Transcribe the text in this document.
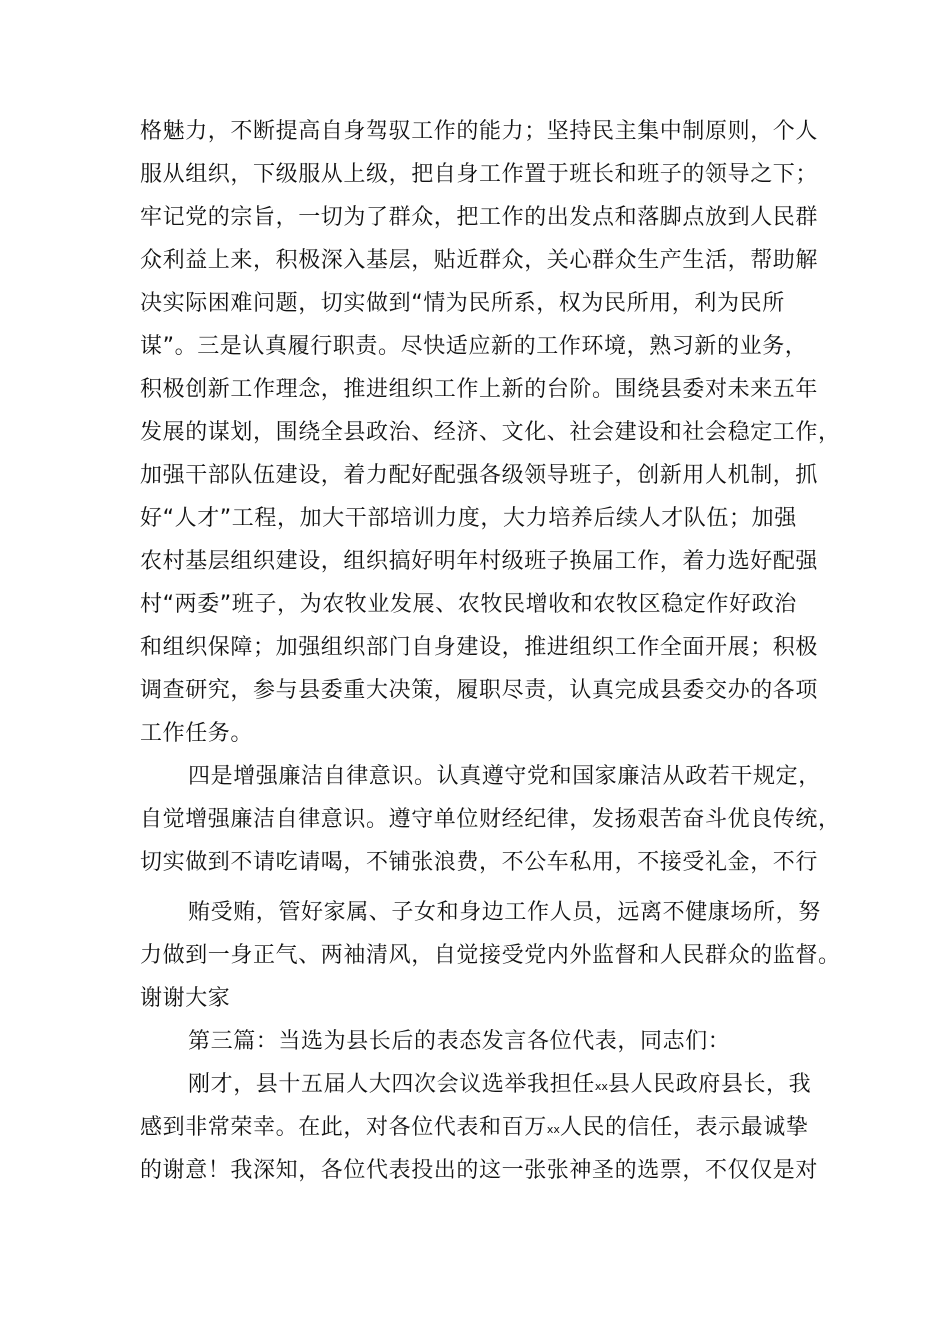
格魅力，不断提高自身驾驭工作的能力；坚持民主集中制原则，个人
服从组织，下级服从上级，把自身工作置于班长和班子的领导之下；
牢记党的宗旨，一切为了群众，把工作的出发点和落脚点放到人民群
众利益上来，积极深入基层，贴近群众，关心群众生产生活，帮助解
决实际困难问题，切实做到“情为民所系，权为民所用，利为民所
谋”。三是认真履行职责。尽快适应新的工作环境，熟习新的业务，
积极创新工作理念，推进组织工作上新的台阶。围绕县委对未来五年
发展的谋划，围绕全县政治、经济、文化、社会建设和社会稳定工作，
加强干部队伍建设，着力配好配强各级领导班子，创新用人机制，抓
好“人才”工程，加大干部培训力度，大力培养后续人才队伍；加强
农村基层组织建设，组织搞好明年村级班子换届工作，着力选好配强
村“两委”班子，为农牧业发展、农牧民增收和农牧区稳定作好政治
和组织保障；加强组织部门自身建设，推进组织工作全面开展；积极
调查研究，参与县委重大决策，履职尽责，认真完成县委交办的各项
工作任务。
四是增强廉洁自律意识。认真遵守党和国家廉洁从政若干规定，
自觉增强廉洁自律意识。遵守单位财经纪律，发扬艰苦奋斗优良传统，
切实做到不请吃请喝，不铺张浪费，不公车私用，不接受礼金，不行
贿受贿，管好家属、子女和身边工作人员，远离不健康场所，努
力做到一身正气、两袖清风，自觉接受党内外监督和人民群众的监督。
谢谢大家
第三篇：当选为县长后的表态发言各位代表，同志们：
刚才，县十五届人大四次会议选举我担任xx县人民政府县长，我
感到非常荣幸。在此，对各位代表和百万xx人民的信任，表示最诚挚
的谢意！我深知，各位代表投出的这一张张神圣的选票，不仅仅是对
